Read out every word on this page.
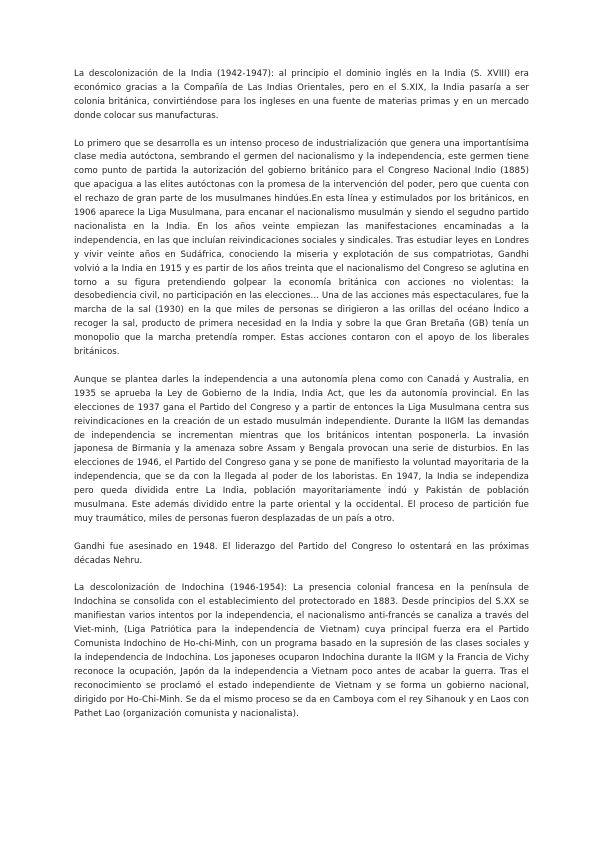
La descolonización de la India (1942-1947): al principio el dominio inglés en la India (S. XVIII) era económico gracias a la Compañía de Las Indias Orientales, pero en el S.XIX, la India pasaría a ser colonia británica, convirtiéndose para los ingleses en una fuente de materias primas y en un mercado donde colocar sus manufacturas.

Lo primero que se desarrolla es un intenso proceso de industrialización que genera una importantísima clase media autóctona, sembrando el germen del nacionalismo y la independencia, este germen tiene como punto de partida la autorización del gobierno británico para el Congreso Nacional Indio (1885) que apacigua a las elites autóctonas con la promesa de la intervención del poder, pero que cuenta con el rechazo de gran parte de los musulmanes hindúes.En esta línea y estimulados por los británicos, en 1906 aparece la Liga Musulmana, para encanar el nacionalismo musulmán y siendo el segudno partido nacionalista en la India. En los años veinte empiezan las manifestaciones encaminadas a la independencia, en las que incluían reivindicaciones sociales y sindicales. Tras estudiar leyes en Londres y vivir veinte años en Sudáfrica, conociendo la miseria y explotación de sus compatriotas, Gandhi volvió a la India en 1915 y es partir de los años treinta que el nacionalismo del Congreso se aglutina en torno a su figura pretendiendo golpear la economía británica con acciones no violentas: la desobediencia civil, no participación en las elecciones... Una de las acciones más espectaculares, fue la marcha de la sal (1930) en la que miles de personas se dirigieron a las orillas del océano Índico a recoger la sal, producto de primera necesidad en la India y sobre la que Gran Bretaña (GB) tenía un monopolio que la marcha pretendía romper. Estas acciones contaron con el apoyo de los liberales británicos.

Aunque se plantea darles la independencia a una autonomía plena como con Canadá y Australia, en 1935 se aprueba la Ley de Gobierno de la India, India Act, que les da autonomía provincial. En las elecciones de 1937 gana el Partido del Congreso y a partir de entonces la Liga Musulmana centra sus reivindicaciones en la creación de un estado musulmán independiente. Durante la IIGM las demandas de independencia se incrementan mientras que los británicos intentan posponerla. La invasión japonesa de Birmania y la amenaza sobre Assam y Bengala provocan una serie de disturbios. En las elecciones de 1946, el Partido del Congreso gana y se pone de manifiesto la voluntad mayoritaria de la independencia, que se da con la llegada al poder de los laboristas. En 1947, la India se independiza pero queda dividida entre La India, población mayoritariamente indú y Pakistán de población musulmana. Este además dividido entre la parte oriental y la occidental. El proceso de partición fue muy traumático, miles de personas fueron desplazadas de un país a otro.

Gandhi fue asesinado en 1948. El liderazgo del Partido del Congreso lo ostentará en las próximas décadas Nehru.

La descolonización de Indochina (1946-1954): La presencia colonial francesa en la península de Indochina se consolida con el establecimiento del protectorado en 1883. Desde principios del S.XX se manifiestan varios intentos por la independencia, el nacionalismo anti-francés se canaliza a través del Viet-minh, (Liga Patriótica para la independencia de Vietnam) cuya principal fuerza era el Partido Comunista Indochino de Ho-chi-Minh, con un programa basado en la supresión de las clases sociales y la independencia de Indochina. Los japoneses ocuparon Indochina durante la IIGM y la Francia de Vichy reconoce la ocupación, Japón da la independencia a Vietnam poco antes de acabar la guerra. Tras el reconocimiento se proclamó el estado independiente de Vietnam y se forma un gobierno nacional, dirigido por Ho-Chi-Minh. Se da el mismo proceso se da en Camboya com el rey Sihanouk y en Laos con Pathet Lao (organización comunista y nacionalista).
